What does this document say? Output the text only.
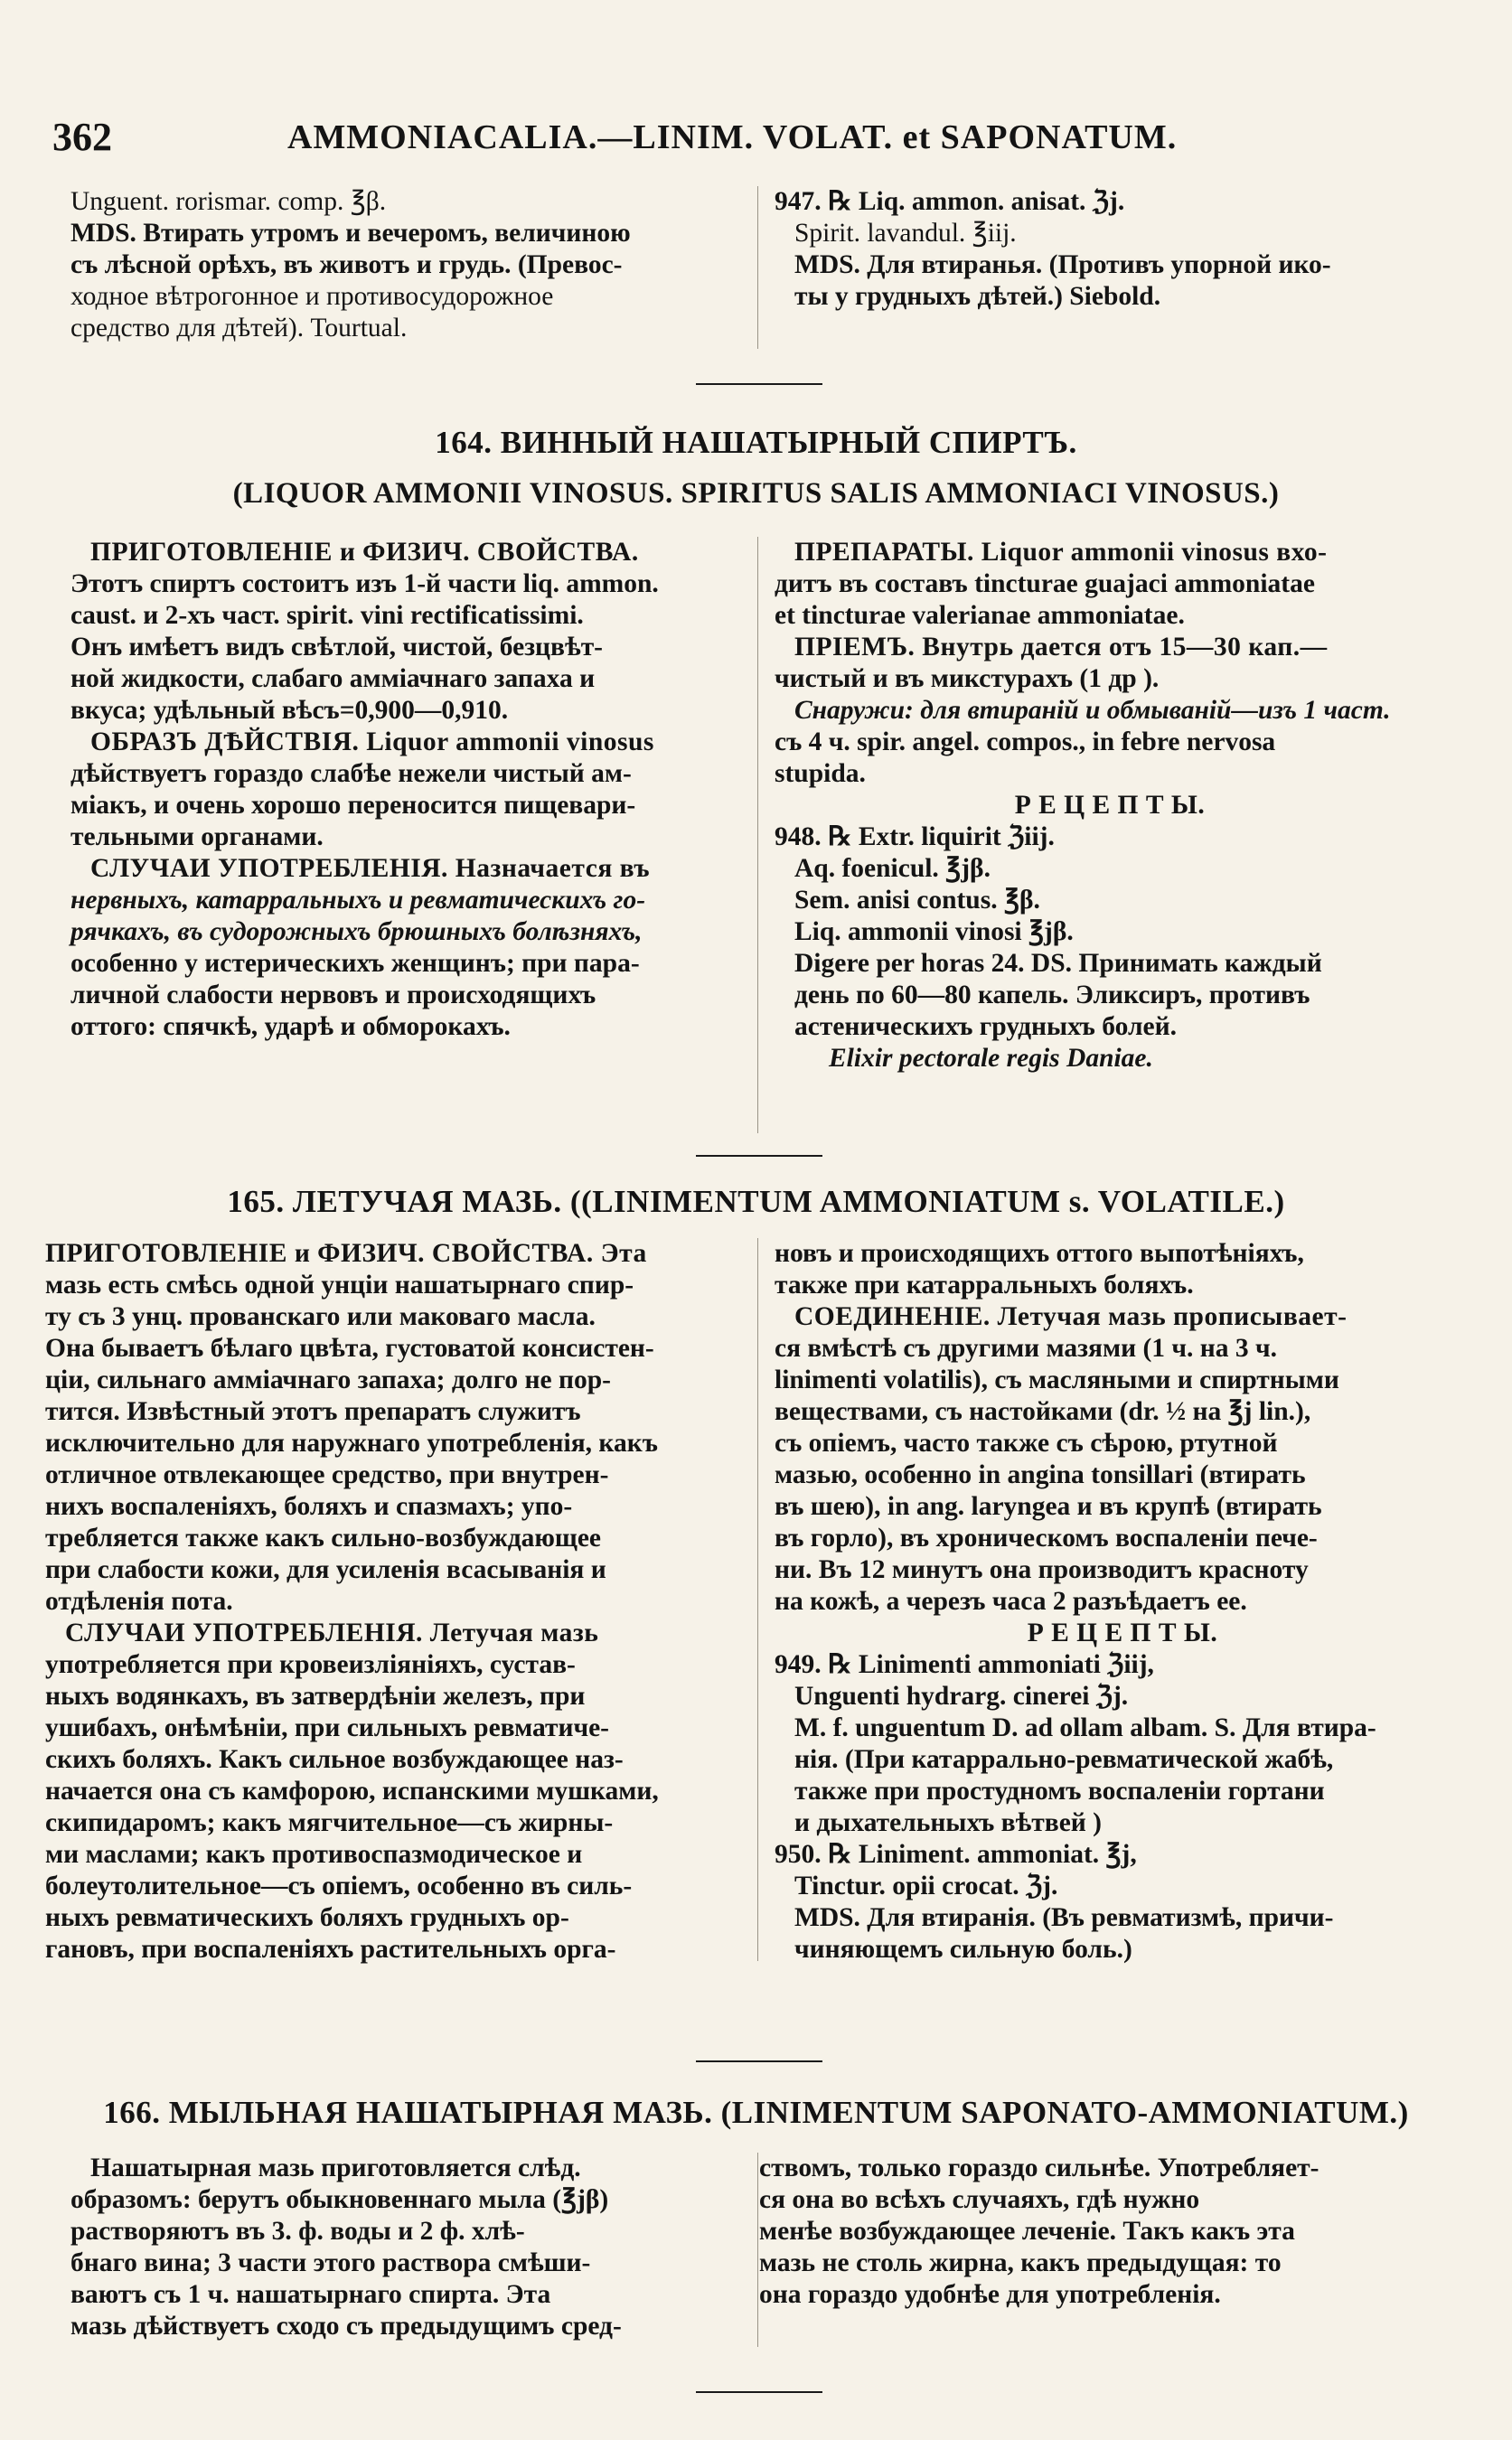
362	AMMONIACALIA.—LINIM. VOLAT. et SAPONATUM.

Unguent. rorismar. comp. ℥β.

MDS. Втирать утромъ и вечеромъ, величиною

съ лѣсной орѣхъ, въ животъ и грудь. (Превос-

ходное вѣтрогонное и противосудорожное

средство для дѣтей). Tourtual.

947. ℞ Liq. ammon. anisat. ℨj.

Spirit. lavandul. ℥iij.

MDS. Для втиранья. (Противъ упорной ико-

ты у грудныхъ дѣтей.) Siebold.

164. ВИННЫЙ НАШАТЫРНЫЙ СПИРТЪ.
(LIQUOR AMMONII VINOSUS. SPIRITUS SALIS AMMONIACI VINOSUS.)

ПРИГОТОВЛЕНІЕ и ФИЗИЧ. СВОЙСТВА.

Этотъ спиртъ состоитъ изъ 1-й части liq. ammon.

caust. и 2-хъ част. spirit. vini rectificatissimi.

Онъ имѣетъ видъ свѣтлой, чистой, безцвѣт-

ной жидкости, слабаго амміачнаго запаха и

вкуса; удѣльный вѣсъ=0,900—0,910.

ОБРАЗЪ ДѢЙСТВІЯ. Liquor ammonii vinosus

дѣйствуетъ гораздо слабѣе нежели чистый ам-

міакъ, и очень хорошо переносится пищевари-

тельными органами.

СЛУЧАИ УПОТРЕБЛЕНІЯ. Назначается въ

нервныхъ, катарральныхъ и ревматическихъ го-

рячкахъ, въ судорожныхъ брюшныхъ болѣзняхъ,

особенно у истерическихъ женщинъ; при пара-

личной слабости нервовъ и происходящихъ

оттого: спячкѣ, ударѣ и обморокахъ.

ПРЕПАРАТЫ. Liquor ammonii vinosus вхо-

дитъ въ составъ tincturae guajaci ammoniatae

et tincturae valerianae ammoniatae.

ПРІЕМЪ. Внутрь дается отъ 15—30 кап.—

чистый и въ микстурахъ (1 др ).

Снаружи: для втираній и обмываній—изъ 1 част.

съ 4 ч. spir. angel. compos., in febre nervosa

stupida.

Р Е Ц Е П Т Ы.

948. ℞ Extr. liquirit ℨiij.

Aq. foenicul. ℥jβ.

Sem. anisi contus. ℥β.

Liq. ammonii vinosi ℥jβ.

Digere per horas 24. DS. Принимать каждый

день по 60—80 капель. Эликсиръ, противъ

астеническихъ грудныхъ болей.

Elixir pectorale regis Daniae.

165. ЛЕТУЧАЯ МАЗЬ. ((LINIMENTUM AMMONIATUM s. VOLATILE.)

ПРИГОТОВЛЕНІЕ и ФИЗИЧ. СВОЙСТВА. Эта

мазь есть смѣсь одной унціи нашатырнаго спир-

ту съ 3 унц. прованскаго или маковаго масла.

Она бываетъ бѣлаго цвѣта, густоватой консистен-

ціи, сильнаго амміачнаго запаха; долго не пор-

тится. Извѣстный этотъ препаратъ служитъ

исключительно для наружнаго употребленія, какъ

отличное отвлекающее средство, при внутрен-

нихъ воспаленіяхъ, боляхъ и спазмахъ; упо-

требляется также какъ сильно-возбуждающее

при слабости кожи, для усиленія всасыванія и

отдѣленія пота.

СЛУЧАИ УПОТРЕБЛЕНІЯ. Летучая мазь

употребляется при кровеизліяніяхъ, сустав-

ныхъ водянкахъ, въ затвердѣніи железъ, при

ушибахъ, онѣмѣніи, при сильныхъ ревматиче-

скихъ боляхъ. Какъ сильное возбуждающее наз-

начается она съ камфорою, испанскими мушками,

скипидаромъ; какъ мягчительное—съ жирны-

ми маслами; какъ противоспазмодическое и

болеутолительное—съ опіемъ, особенно въ силь-

ныхъ ревматическихъ боляхъ грудныхъ ор-

гановъ, при воспаленіяхъ растительныхъ орга-

новъ и происходящихъ оттого выпотѣніяхъ,

также при катарральныхъ боляхъ.

СОЕДИНЕНІЕ. Летучая мазь прописывает-

ся вмѣстѣ съ другими мазями (1 ч. на 3 ч.

linimenti volatilis), съ масляными и спиртными

веществами, съ настойками (dr. ½ на ℥j lin.),

съ опіемъ, часто также съ сѣрою, ртутной

мазью, особенно in angina tonsillari (втирать

въ шею), in ang. laryngea и въ крупѣ (втирать

въ горло), въ хроническомъ воспаленіи пече-

ни. Въ 12 минутъ она производитъ красноту

на кожѣ, а черезъ часа 2 разъѣдаетъ ее.

Р Е Ц Е П Т Ы.

949. ℞ Linimenti ammoniati ℨiij,

Unguenti hydrarg. cinerei ℨj.

M. f. unguentum D. ad ollam albam. S. Для втира-

нія. (При катаррально-ревматической жабѣ,

также при простудномъ воспаленіи гортани

и дыхательныхъ вѣтвей )

950. ℞ Liniment. ammoniat. ℥j,

Tinctur. opii crocat. ℨj.

MDS. Для втиранія. (Въ ревматизмѣ, причи-

чиняющемъ сильную боль.)

166. МЫЛЬНАЯ НАШАТЫРНАЯ МАЗЬ. (LINIMENTUM SAPONATO-AMMONIATUM.)

Нашатырная мазь приготовляется слѣд.

образомъ: берутъ обыкновеннаго мыла (℥jβ)

растворяютъ въ 3. ф. воды и 2 ф. хлѣ-

бнаго вина; 3 части этого раствора смѣши-

ваютъ съ 1 ч. нашатырнаго спирта. Эта

мазь дѣйствуетъ сходо съ предыдущимъ сред-

ствомъ, только гораздо сильнѣе. Употребляет-

ся она во всѣхъ случаяхъ, гдѣ нужно

менѣе возбуждающее леченіе. Такъ какъ эта

мазь не столь жирна, какъ предыдущая: то

она гораздо удобнѣе для употребленія.
